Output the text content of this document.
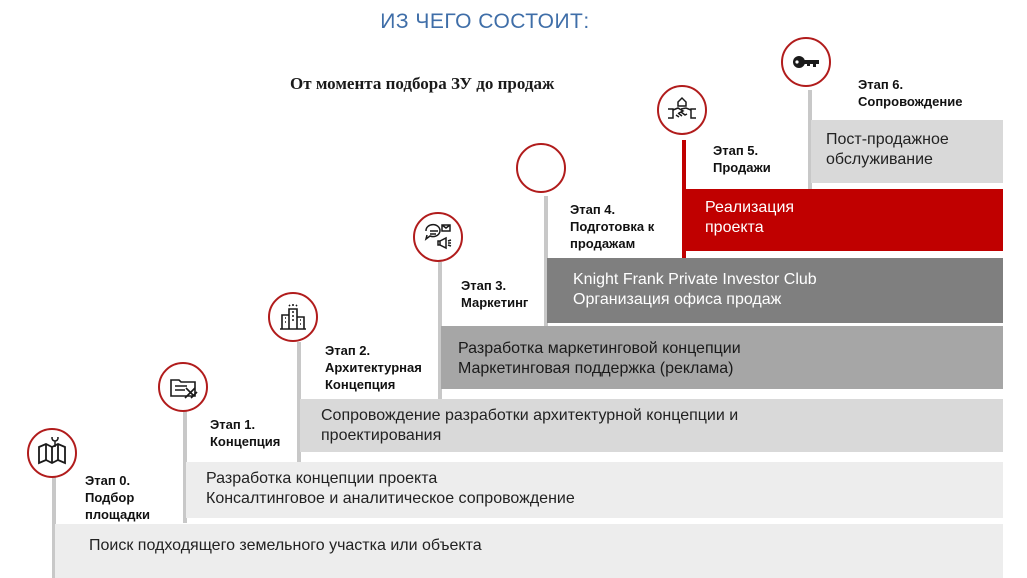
ИЗ ЧЕГО СОСТОИТ:
От момента подбора ЗУ до продаж
Поиск подходящего земельного участка или объекта
Разработка концепции проекта
Консалтинговое и аналитическое сопровождение
Сопровождение разработки архитектурной концепции и
проектирования
Разработка маркетинговой концепции
Маркетинговая поддержка (реклама)
Knight Frank Private Investor Club
Организация офиса продаж
Реализация
проекта
Пост-продажное
обслуживание
Этап 0.
Подбор
площадки
Этап 1.
Концепция
Этап 2.
Архитектурная
Концепция
Этап 3.
Маркетинг
Этап 4.
Подготовка к
продажам
Этап 5.
Продажи
Этап 6.
Сопровождение
